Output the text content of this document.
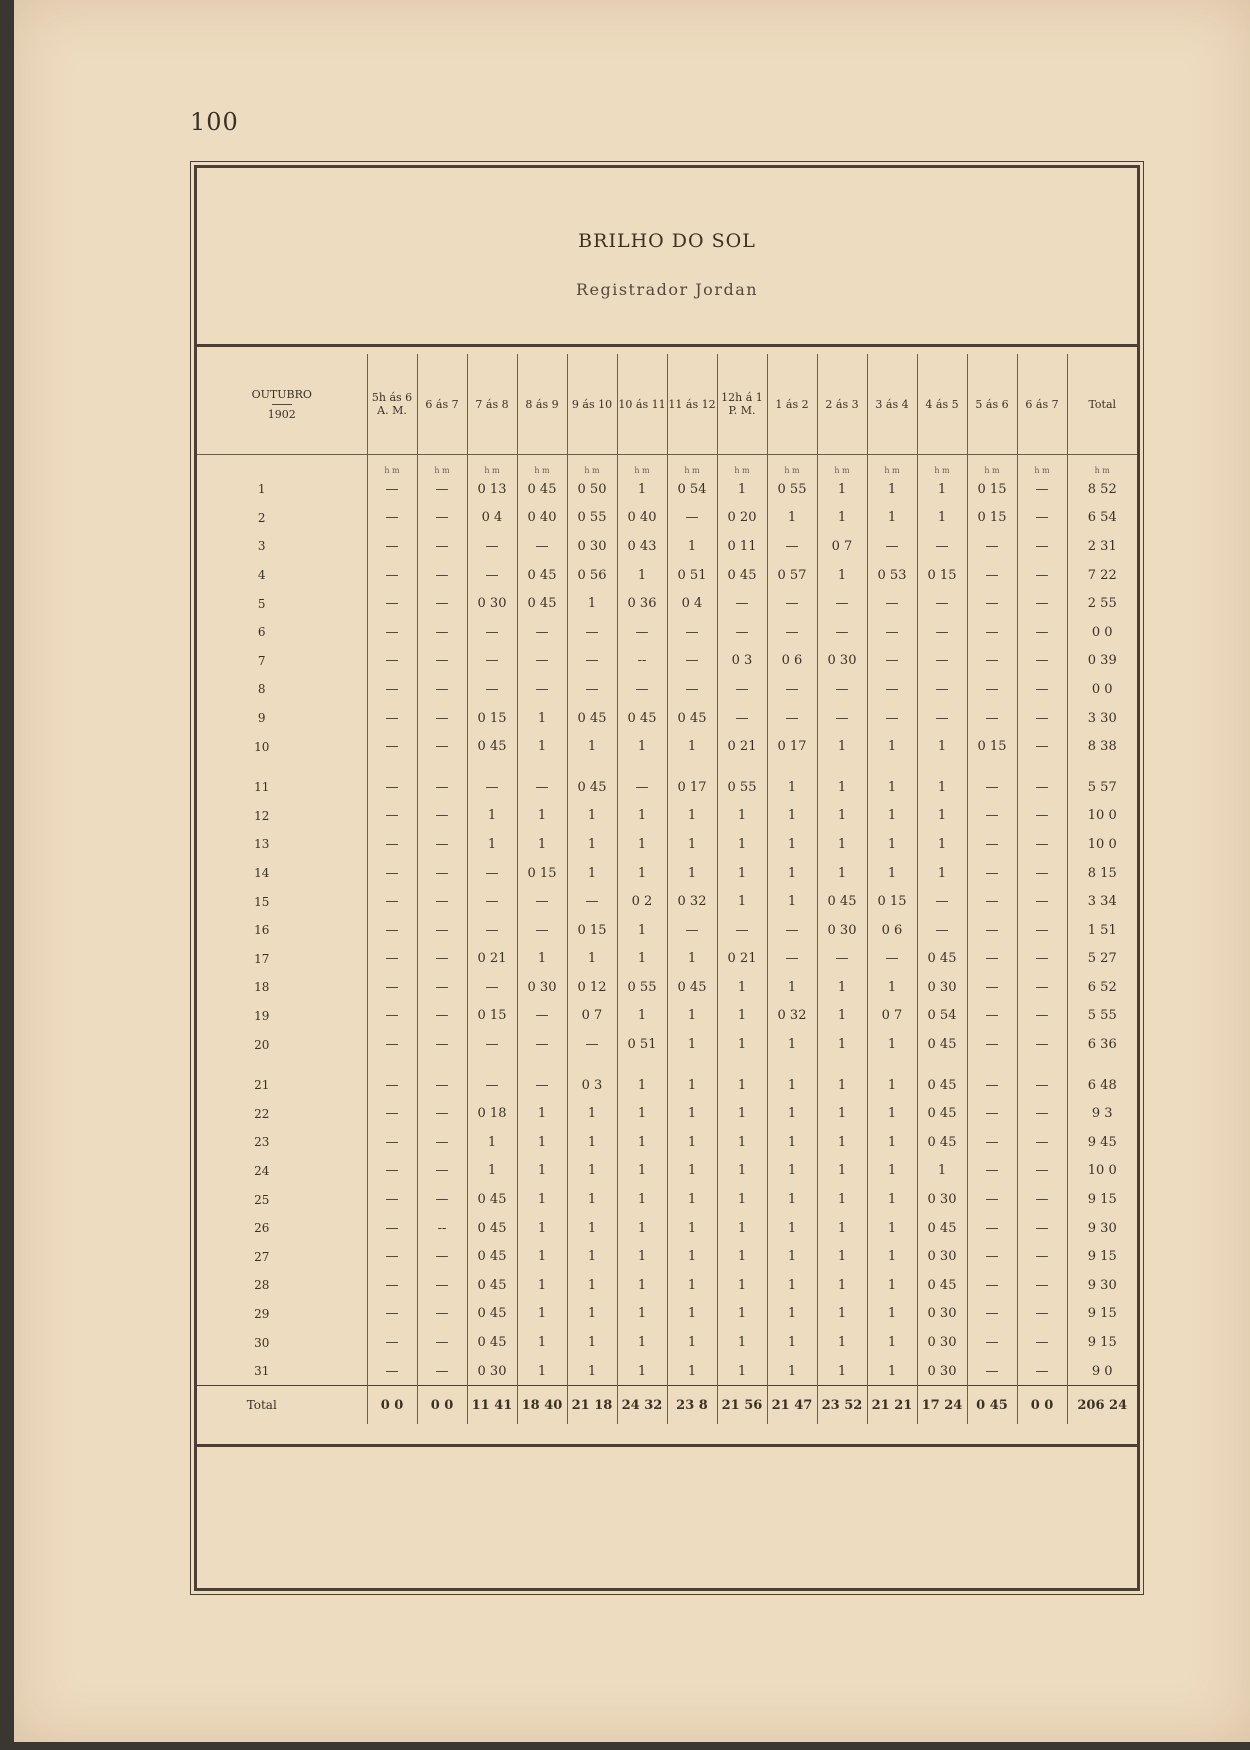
100
BRILHO DO SOL
Registrador Jordan
OUTUBRO
1902	5h ás 6 A. M.	6 ás 7	7 ás 8	8 ás 9	9 ás 10	10 ás 11	11 ás 12	12h á 1 P. M.	1 ás 2	2 ás 3	3 ás 4	4 ás 5	5 ás 6	6 ás 7	Total
	h m	h m	h m	h m	h m	h m	h m	h m	h m	h m	h m	h m	h m	h m	h m
1	—	—	0 13	0 45	0 50	1	0 54	1	0 55	1	1	1	0 15	—	8 52
2	—	—	0 4	0 40	0 55	0 40	—	0 20	1	1	1	1	0 15	—	6 54
3	—	—	—	—	0 30	0 43	1	0 11	—	0 7	—	—	—	—	2 31
4	—	—	—	0 45	0 56	1	0 51	0 45	0 57	1	0 53	0 15	—	—	7 22
5	—	—	0 30	0 45	1	0 36	0 4	—	—	—	—	—	—	—	2 55
6	—	—	—	—	—	—	—	—	—	—	—	—	—	—	0 0
7	—	—	—	—	—	--	—	0 3	0 6	0 30	—	—	—	—	0 39
8	—	—	—	—	—	—	—	—	—	—	—	—	—	—	0 0
9	—	—	0 15	1	0 45	0 45	0 45	—	—	—	—	—	—	—	3 30
10	—	—	0 45	1	1	1	1	0 21	0 17	1	1	1	0 15	—	8 38

11	—	—	—	—	0 45	—	0 17	0 55	1	1	1	1	—	—	5 57
12	—	—	1	1	1	1	1	1	1	1	1	1	—	—	10 0
13	—	—	1	1	1	1	1	1	1	1	1	1	—	—	10 0
14	—	—	—	0 15	1	1	1	1	1	1	1	1	—	—	8 15
15	—	—	—	—	—	0 2	0 32	1	1	0 45	0 15	—	—	—	3 34
16	—	—	—	—	0 15	1	—	—	—	0 30	0 6	—	—	—	1 51
17	—	—	0 21	1	1	1	1	0 21	—	—	—	0 45	—	—	5 27
18	—	—	—	0 30	0 12	0 55	0 45	1	1	1	1	0 30	—	—	6 52
19	—	—	0 15	—	0 7	1	1	1	0 32	1	0 7	0 54	—	—	5 55
20	—	—	—	—	—	0 51	1	1	1	1	1	0 45	—	—	6 36

21	—	—	—	—	0 3	1	1	1	1	1	1	0 45	—	—	6 48
22	—	—	0 18	1	1	1	1	1	1	1	1	0 45	—	—	9 3
23	—	—	1	1	1	1	1	1	1	1	1	0 45	—	—	9 45
24	—	—	1	1	1	1	1	1	1	1	1	1	—	—	10 0
25	—	—	0 45	1	1	1	1	1	1	1	1	0 30	—	—	9 15
26	—	--	0 45	1	1	1	1	1	1	1	1	0 45	—	—	9 30
27	—	—	0 45	1	1	1	1	1	1	1	1	0 30	—	—	9 15
28	—	—	0 45	1	1	1	1	1	1	1	1	0 45	—	—	9 30
29	—	—	0 45	1	1	1	1	1	1	1	1	0 30	—	—	9 15
30	—	—	0 45	1	1	1	1	1	1	1	1	0 30	—	—	9 15
31	—	—	0 30	1	1	1	1	1	1	1	1	0 30	—	—	9 0
Total	0 0	0 0	11 41	18 40	21 18	24 32	23 8	21 56	21 47	23 52	21 21	17 24	0 45	0 0	206 24
